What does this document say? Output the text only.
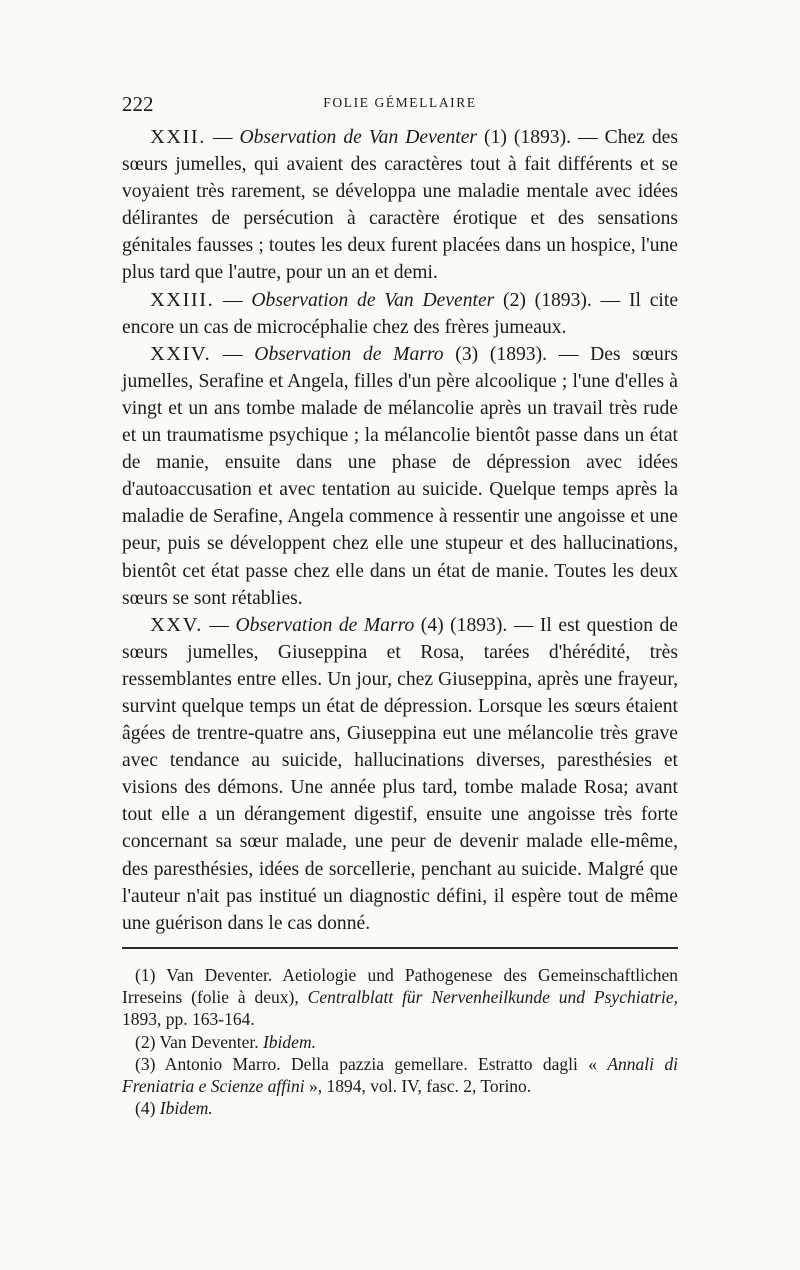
222	FOLIE GÉMELLAIRE

XXII. — Observation de Van Deventer (1) (1893). — Chez des sœurs jumelles, qui avaient des caractères tout à fait différents et se voyaient très rarement, se développa une maladie mentale avec idées délirantes de persécution à caractère érotique et des sensations génitales fausses ; toutes les deux furent placées dans un hospice, l'une plus tard que l'autre, pour un an et demi.

XXIII. — Observation de Van Deventer (2) (1893). — Il cite encore un cas de microcéphalie chez des frères jumeaux.

XXIV. — Observation de Marro (3) (1893). — Des sœurs jumelles, Serafine et Angela, filles d'un père alcoolique ; l'une d'elles à vingt et un ans tombe malade de mélancolie après un travail très rude et un traumatisme psychique ; la mélancolie bientôt passe dans un état de manie, ensuite dans une phase de dépression avec idées d'autoaccusation et avec tentation au suicide. Quelque temps après la maladie de Serafine, Angela commence à ressentir une angoisse et une peur, puis se développent chez elle une stupeur et des hallucinations, bientôt cet état passe chez elle dans un état de manie. Toutes les deux sœurs se sont rétablies.

XXV. — Observation de Marro (4) (1893). — Il est question de sœurs jumelles, Giuseppina et Rosa, tarées d'hérédité, très ressemblantes entre elles. Un jour, chez Giuseppina, après une frayeur, survint quelque temps un état de dépression. Lorsque les sœurs étaient âgées de trentre-quatre ans, Giuseppina eut une mélancolie très grave avec tendance au suicide, hallucinations diverses, paresthésies et visions des démons. Une année plus tard, tombe malade Rosa; avant tout elle a un dérangement digestif, ensuite une angoisse très forte concernant sa sœur malade, une peur de devenir malade elle-même, des paresthésies, idées de sorcellerie, penchant au suicide. Malgré que l'auteur n'ait pas institué un diagnostic défini, il espère tout de même une guérison dans le cas donné.

(1) Van Deventer. Aetiologie und Pathogenese des Gemeinschaftlichen Irreseins (folie à deux), Centralblatt für Nervenheilkunde und Psychiatrie, 1893, pp. 163-164.

(2) Van Deventer. Ibidem.

(3) Antonio Marro. Della pazzia gemellare. Estratto dagli « Annali di Freniatria e Scienze affini », 1894, vol. IV, fasc. 2, Torino.

(4) Ibidem.
